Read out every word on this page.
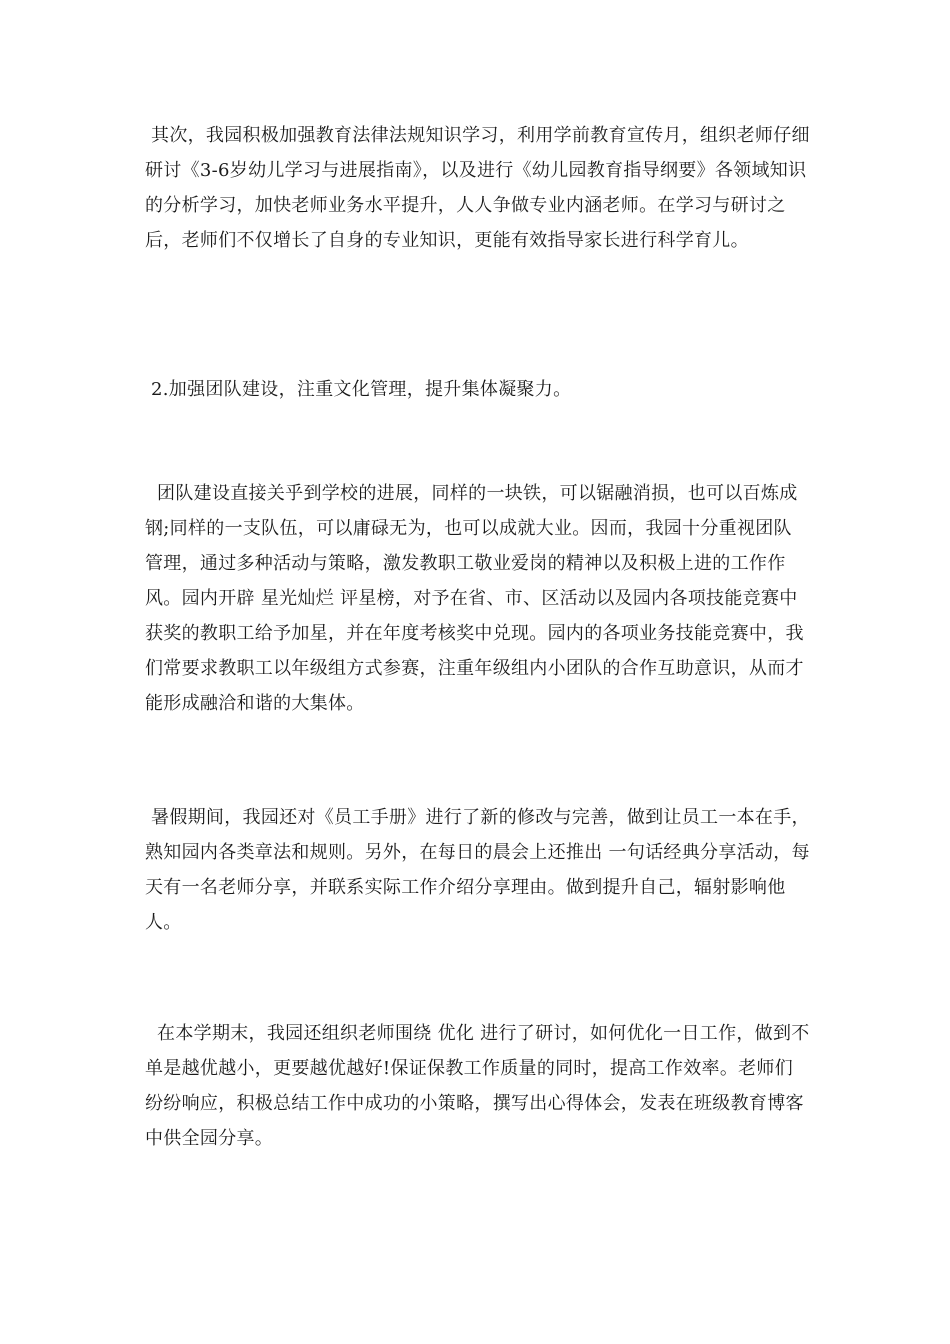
其次，我园积极加强教育法律法规知识学习，利用学前教育宣传月，组织老师仔细研讨《3-6岁幼儿学习与进展指南》，以及进行《幼儿园教育指导纲要》各领域知识的分析学习，加快老师业务水平提升，人人争做专业内涵老师。在学习与研讨之后，老师们不仅增长了自身的专业知识，更能有效指导家长进行科学育儿。

2.加强团队建设，注重文化管理，提升集体凝聚力。

团队建设直接关乎到学校的进展，同样的一块铁，可以锯融消损，也可以百炼成钢;同样的一支队伍，可以庸碌无为，也可以成就大业。因而，我园十分重视团队管理，通过多种活动与策略，激发教职工敬业爱岗的精神以及积极上进的工作作风。园内开辟 星光灿烂 评星榜，对予在省、市、区活动以及园内各项技能竞赛中获奖的教职工给予加星，并在年度考核奖中兑现。园内的各项业务技能竞赛中，我们常要求教职工以年级组方式参赛，注重年级组内小团队的合作互助意识，从而才能形成融洽和谐的大集体。

暑假期间，我园还对《员工手册》进行了新的修改与完善，做到让员工一本在手，熟知园内各类章法和规则。另外，在每日的晨会上还推出 一句话经典分享活动，每天有一名老师分享，并联系实际工作介绍分享理由。做到提升自己，辐射影响他人。

在本学期末，我园还组织老师围绕 优化 进行了研讨，如何优化一日工作，做到不单是越优越小，更要越优越好!保证保教工作质量的同时，提高工作效率。老师们纷纷响应，积极总结工作中成功的小策略，撰写出心得体会，发表在班级教育博客中供全园分享。
